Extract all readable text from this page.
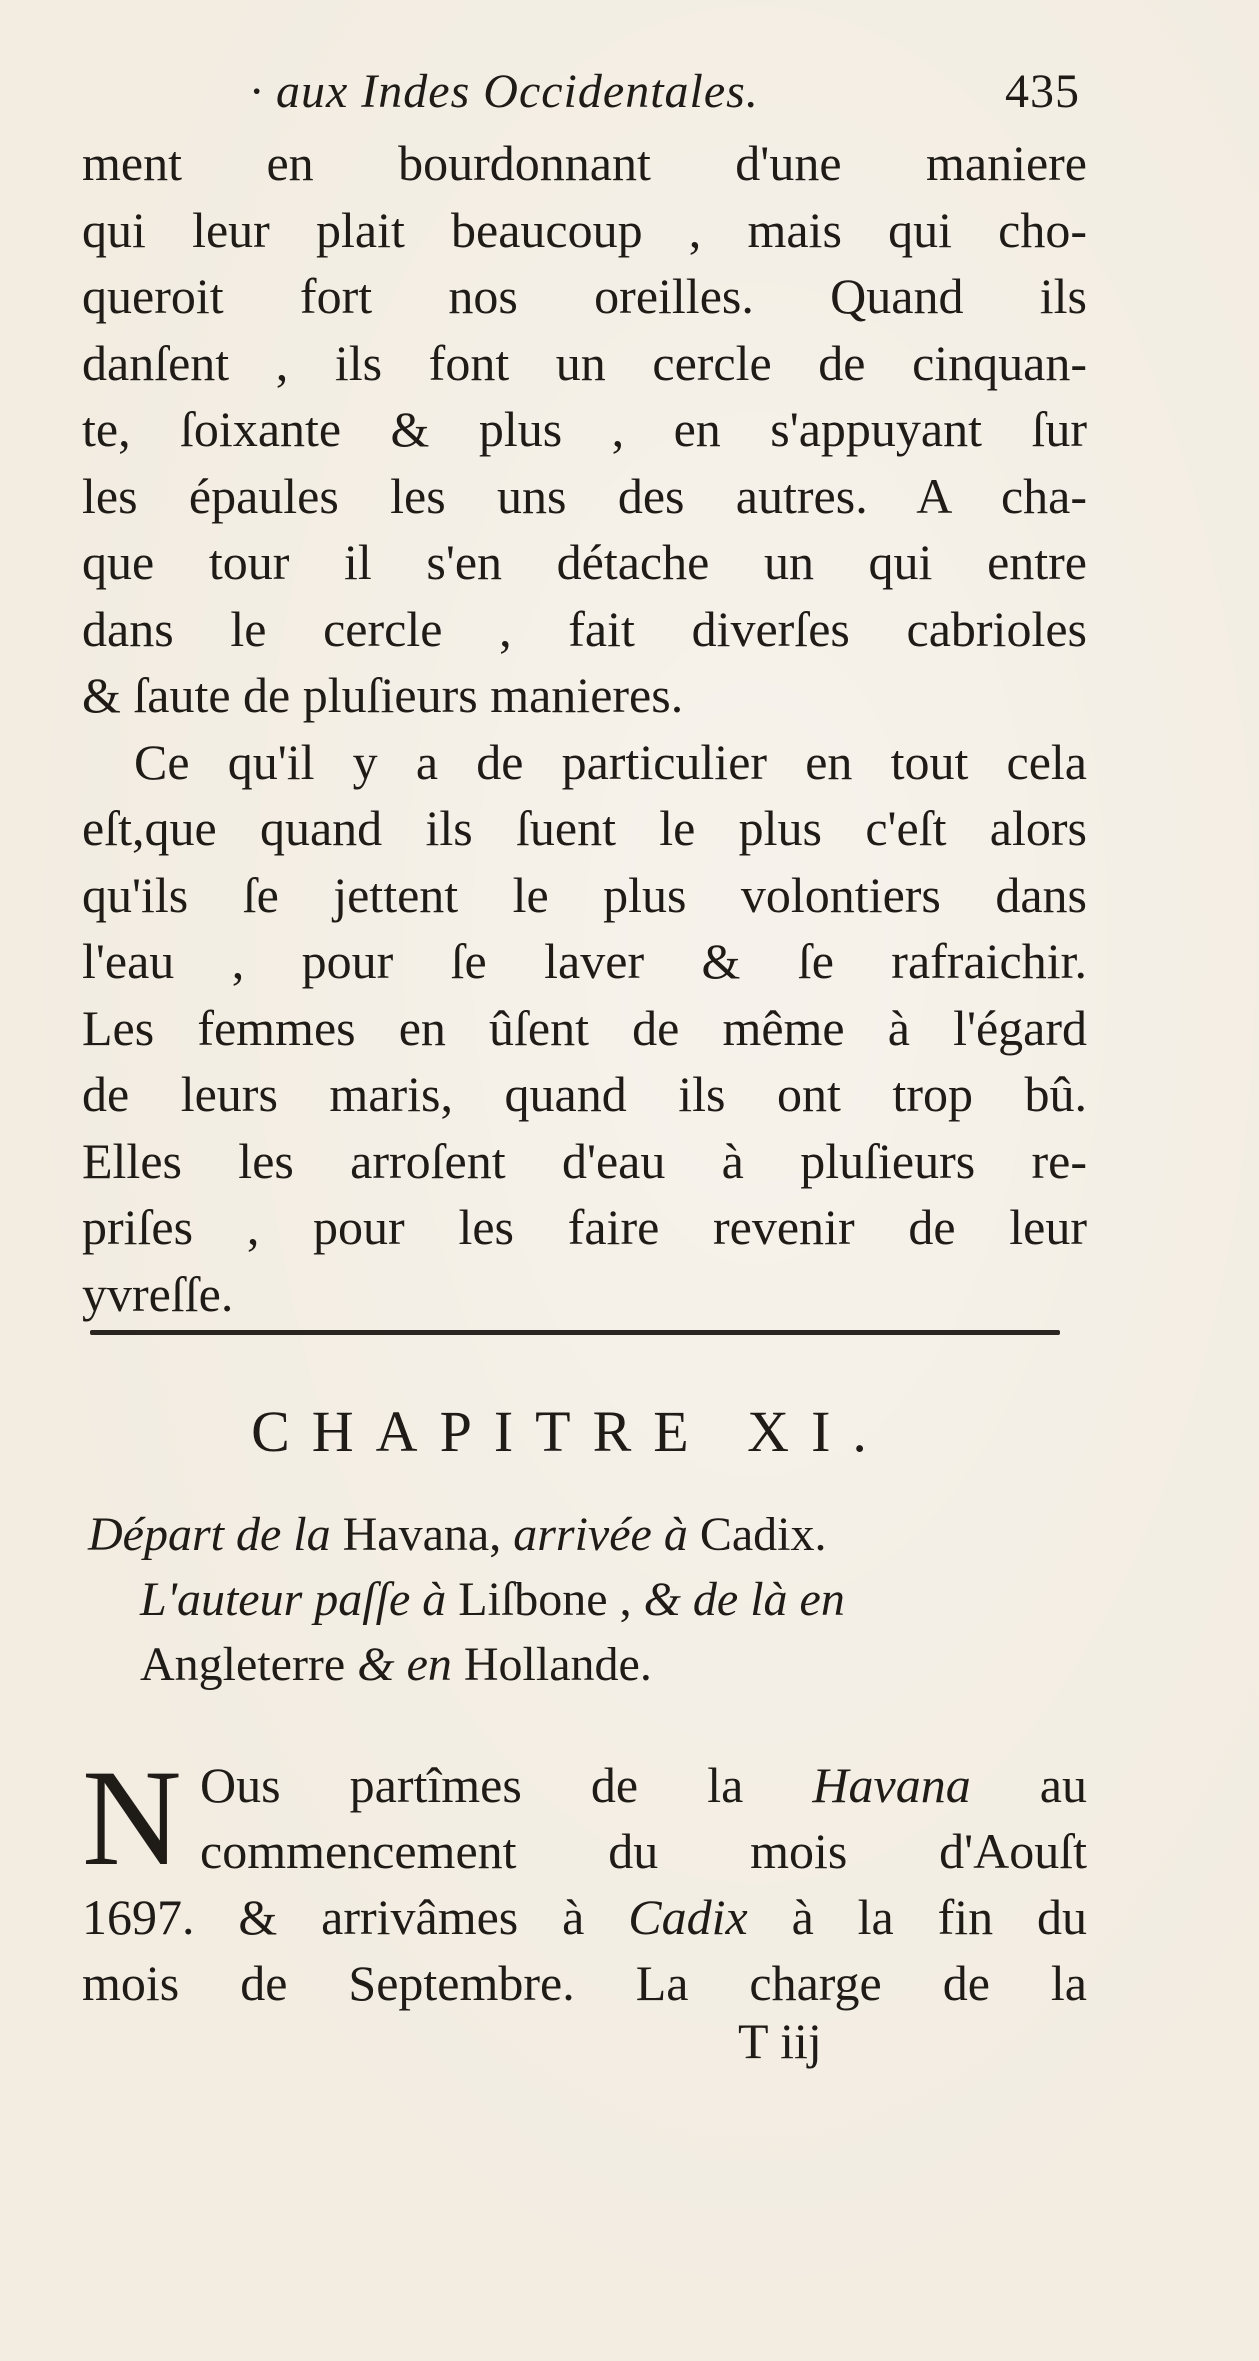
· aux Indes Occidentales.	435
ment en bourdonnant d'une maniere
qui leur plait beaucoup , mais qui cho-
queroit fort nos oreilles. Quand ils
danſent , ils font un cercle de cinquan-
te, ſoixante & plus , en s'appuyant ſur
les épaules les uns des autres. A cha-
que tour il s'en détache un qui entre
dans le cercle , fait diverſes cabrioles
& ſaute de pluſieurs manieres.
Ce qu'il y a de particulier en tout cela
eſt,que quand ils ſuent le plus c'eſt alors
qu'ils ſe jettent le plus volontiers dans
l'eau , pour ſe laver & ſe rafraichir.
Les femmes en ûſent de même à l'égard
de leurs maris, quand ils ont trop bû.
Elles les arroſent d'eau à pluſieurs re-
priſes , pour les faire revenir de leur
yvreſſe.
CHAPITRE XI.
Départ de la Havana, arrivée à Cadix.
L'auteur paſſe à Liſbone , & de là en
Angleterre & en Hollande.
N Ous partîmes de la Havana au
commencement du mois d'Aouſt
1697. & arrivâmes à Cadix à la fin du
mois de Septembre. La charge de la
T iij
